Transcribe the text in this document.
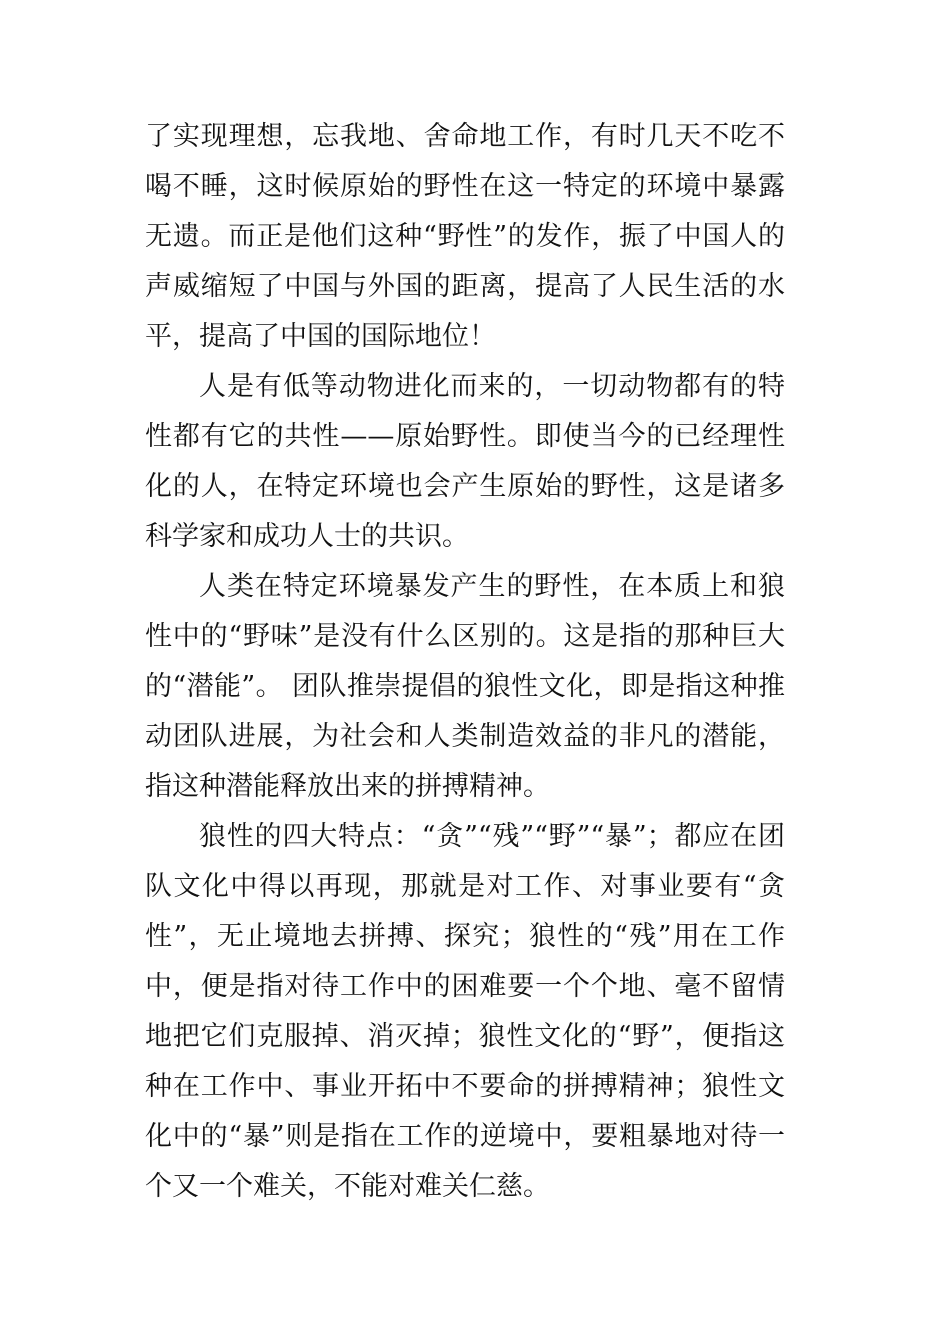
了实现理想，忘我地、舍命地工作，有时几天不吃不喝不睡，这时候原始的野性在这一特定的环境中暴露无遗。而正是他们这种“野性”的发作，振了中国人的声威缩短了中国与外国的距离，提高了人民生活的水平，提高了中国的国际地位！

人是有低等动物进化而来的，一切动物都有的特性都有它的共性——原始野性。即使当今的已经理性化的人，在特定环境也会产生原始的野性，这是诸多科学家和成功人士的共识。

人类在特定环境暴发产生的野性，在本质上和狼性中的“野味”是没有什么区别的。这是指的那种巨大的“潜能”。 团队推崇提倡的狼性文化，即是指这种推动团队进展，为社会和人类制造效益的非凡的潜能，指这种潜能释放出来的拼搏精神。

狼性的四大特点：“贪”“残”“野”“暴”；都应在团队文化中得以再现，那就是对工作、对事业要有“贪性”，无止境地去拼搏、探究；狼性的“残”用在工作中，便是指对待工作中的困难要一个个地、毫不留情地把它们克服掉、消灭掉；狼性文化的“野”，便指这种在工作中、事业开拓中不要命的拼搏精神；狼性文化中的“暴”则是指在工作的逆境中，要粗暴地对待一个又一个难关，不能对难关仁慈。
